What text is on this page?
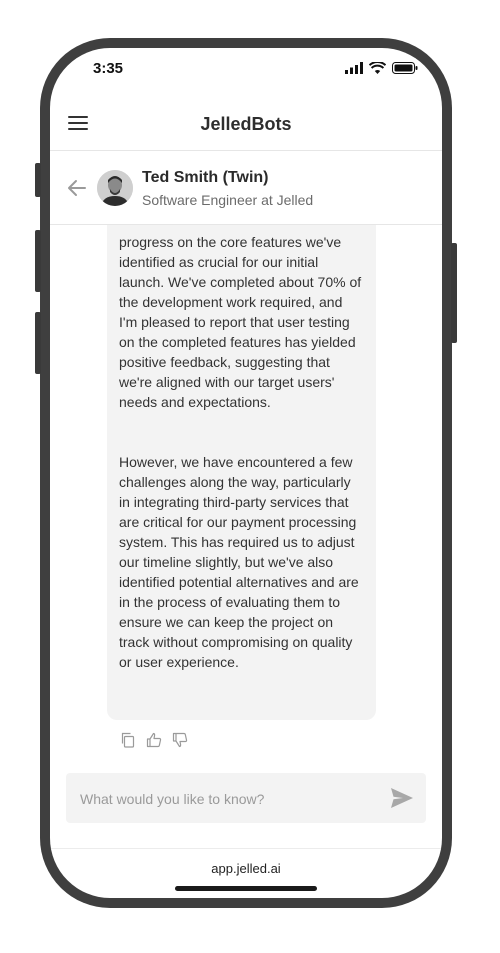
3:35
JelledBots
Ted Smith (Twin)
Software Engineer at Jelled

progress on the core features we've identified as crucial for our initial launch. We've completed about 70% of the development work required, and I'm pleased to report that user testing on the completed features has yielded positive feedback, suggesting that we're aligned with our target users' needs and expectations.

However, we have encountered a few challenges along the way, particularly in integrating third-party services that are critical for our payment processing system. This has required us to adjust our timeline slightly, but we've also identified potential alternatives and are in the process of evaluating them to ensure we can keep the project on track without compromising on quality or user experience.

What would you like to know?
app.jelled.ai
